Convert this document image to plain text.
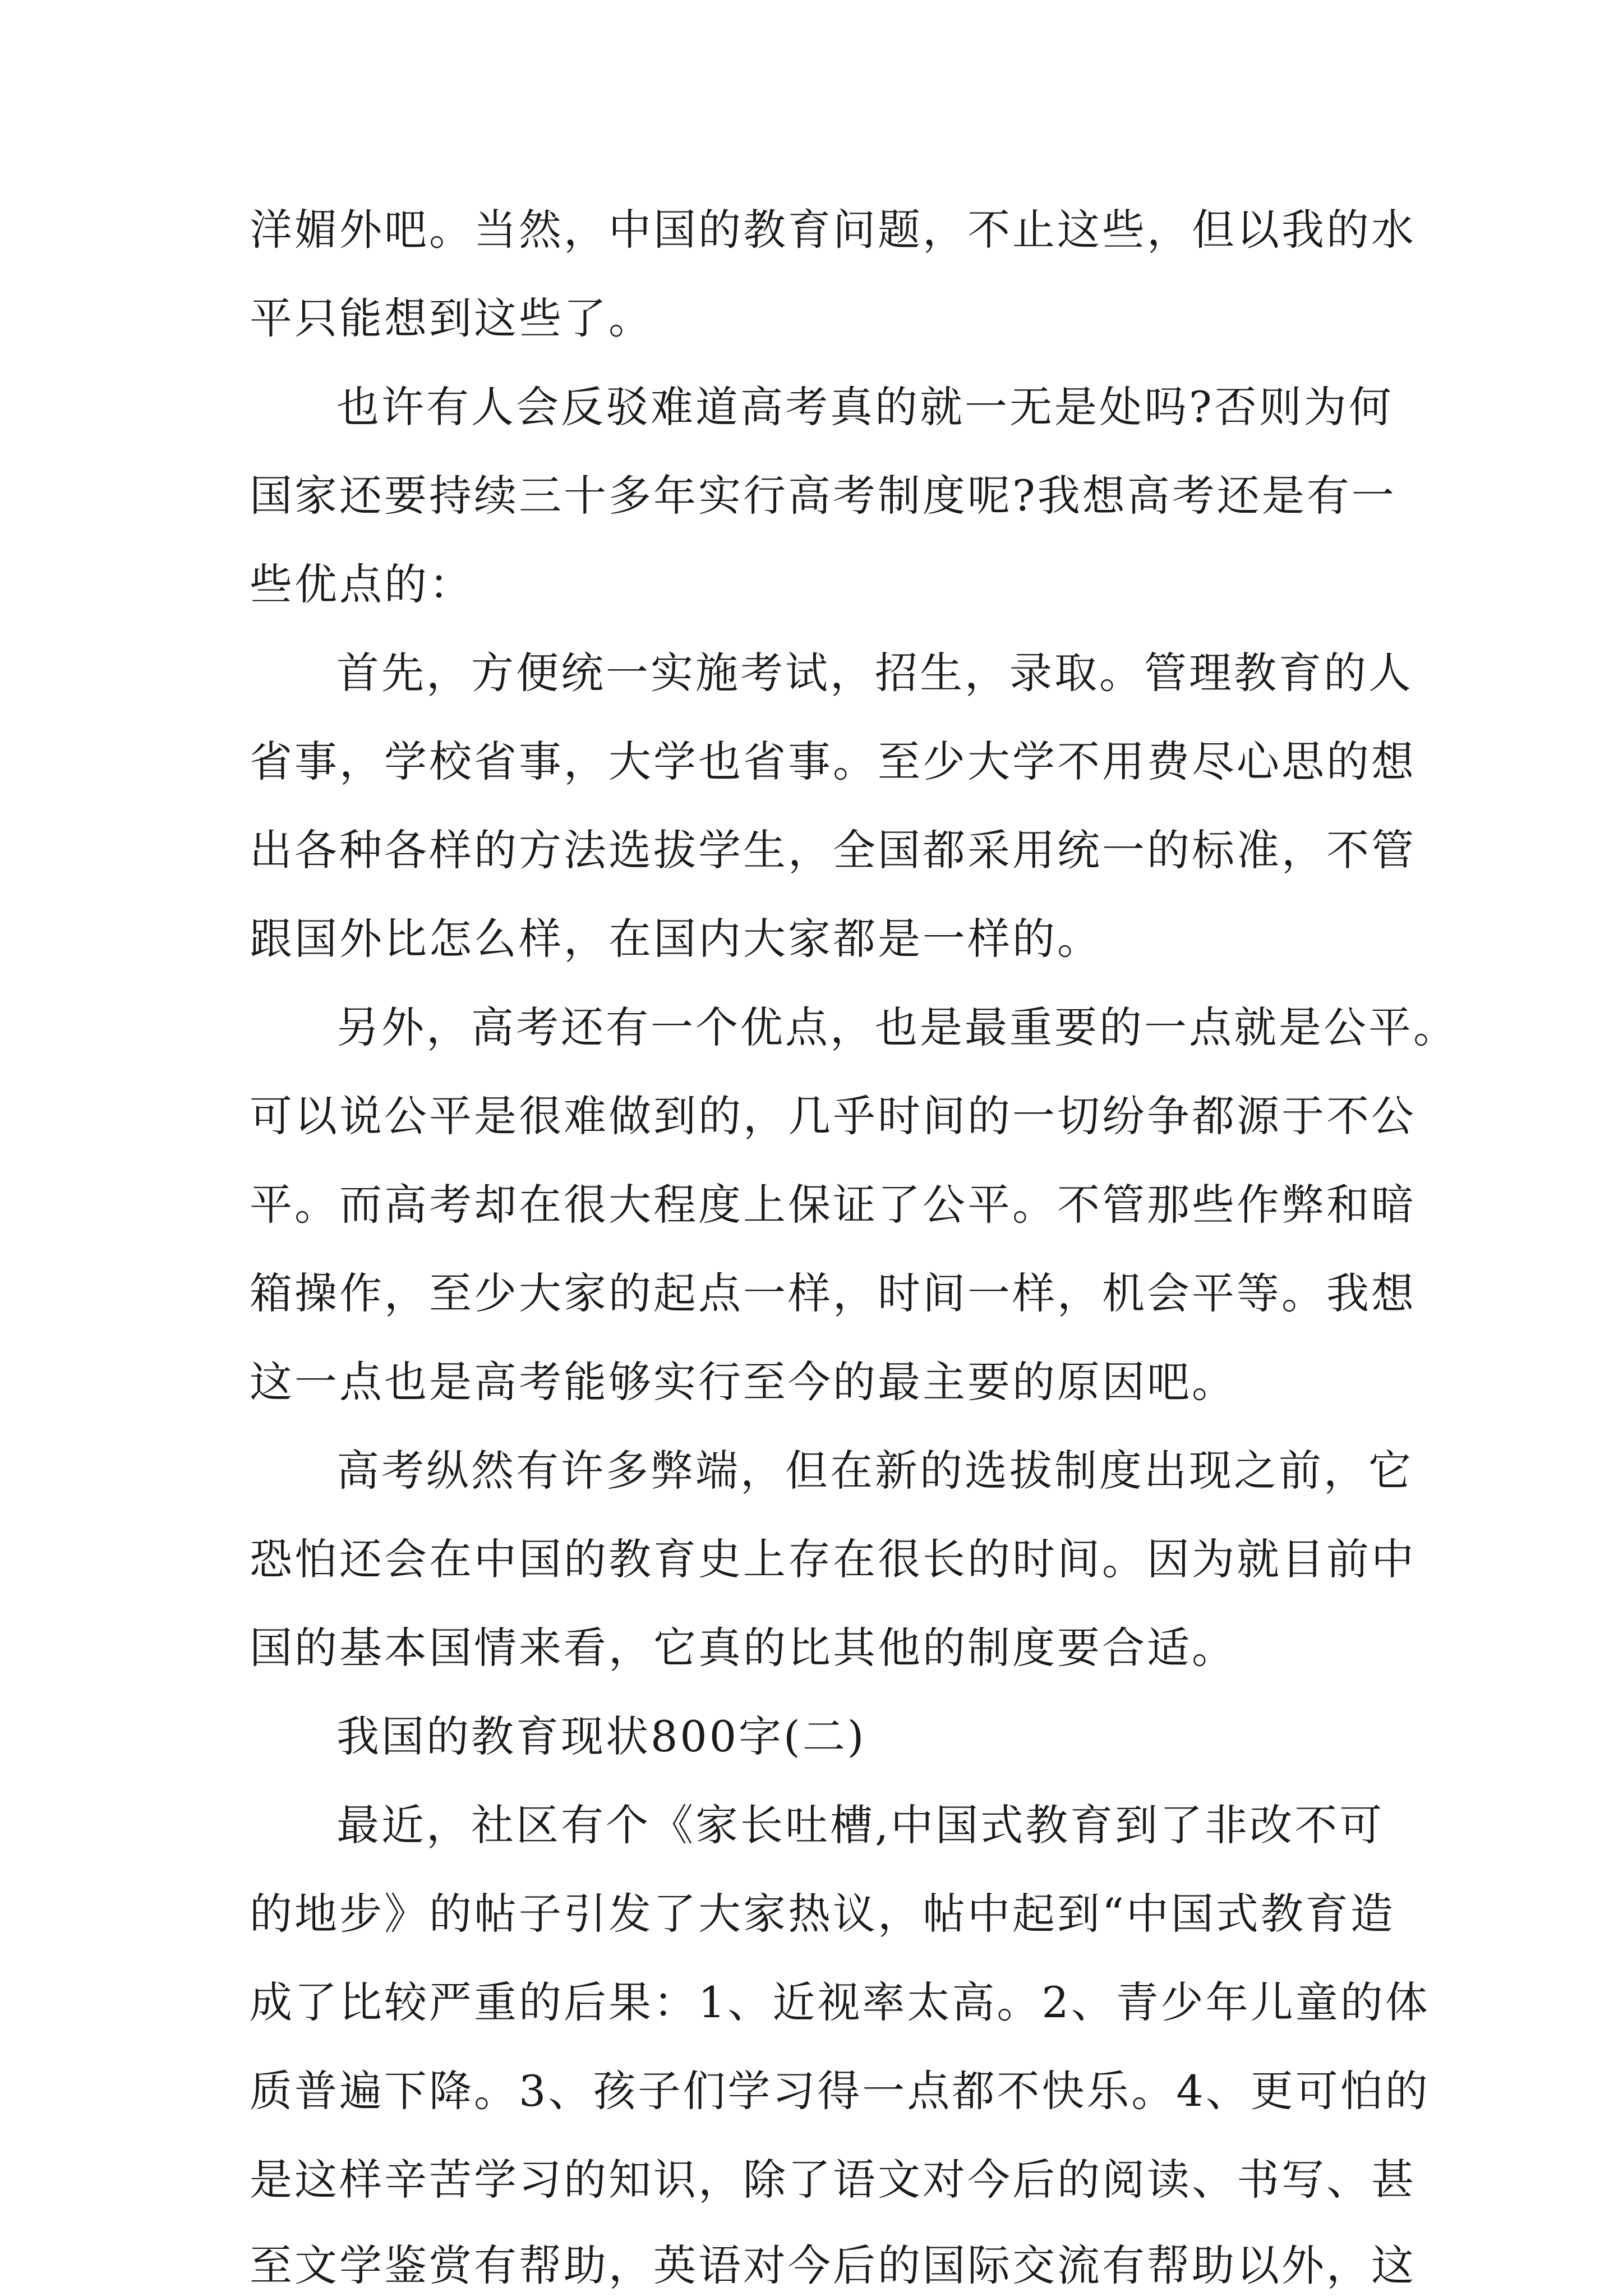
洋媚外吧。当然，中国的教育问题，不止这些，但以我的水
平只能想到这些了。
也许有人会反驳难道高考真的就一无是处吗?否则为何
国家还要持续三十多年实行高考制度呢?我想高考还是有一
些优点的：
首先，方便统一实施考试，招生，录取。管理教育的人
省事，学校省事，大学也省事。至少大学不用费尽心思的想
出各种各样的方法选拔学生，全国都采用统一的标准，不管
跟国外比怎么样，在国内大家都是一样的。
另外，高考还有一个优点，也是最重要的一点就是公平。
可以说公平是很难做到的，几乎时间的一切纷争都源于不公
平。而高考却在很大程度上保证了公平。不管那些作弊和暗
箱操作，至少大家的起点一样，时间一样，机会平等。我想
这一点也是高考能够实行至今的最主要的原因吧。
高考纵然有许多弊端，但在新的选拔制度出现之前，它
恐怕还会在中国的教育史上存在很长的时间。因为就目前中
国的基本国情来看，它真的比其他的制度要合适。
我国的教育现状800字(二)
最近，社区有个《家长吐槽,中国式教育到了非改不可
的地步》的帖子引发了大家热议，帖中起到“中国式教育造
成了比较严重的后果：1、近视率太高。2、青少年儿童的体
质普遍下降。3、孩子们学习得一点都不快乐。4、更可怕的
是这样辛苦学习的知识，除了语文对今后的阅读、书写、甚
至文学鉴赏有帮助，英语对今后的国际交流有帮助以外，这
